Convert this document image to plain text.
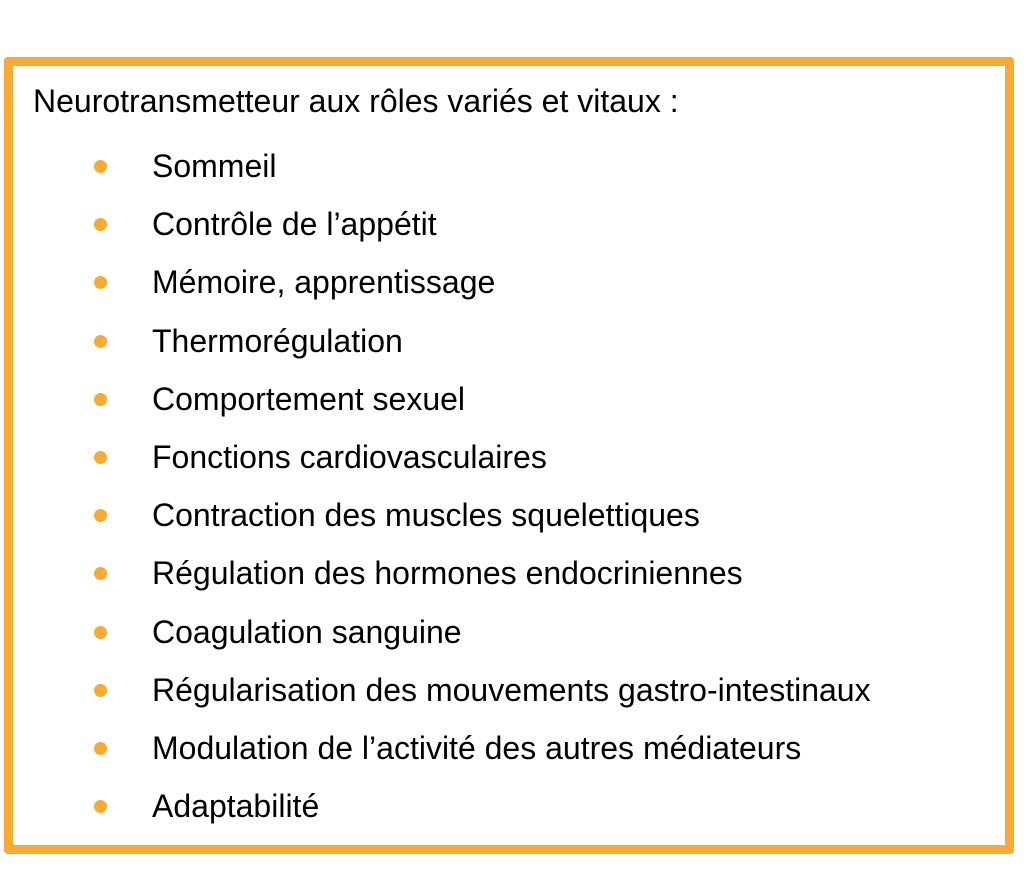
Neurotransmetteur aux rôles variés et vitaux :
Sommeil
Contrôle de l’appétit
Mémoire, apprentissage
Thermorégulation
Comportement sexuel
Fonctions cardiovasculaires
Contraction des muscles squelettiques
Régulation des hormones endocriniennes
Coagulation sanguine
Régularisation des mouvements gastro-intestinaux
Modulation de l’activité des autres médiateurs
Adaptabilité
